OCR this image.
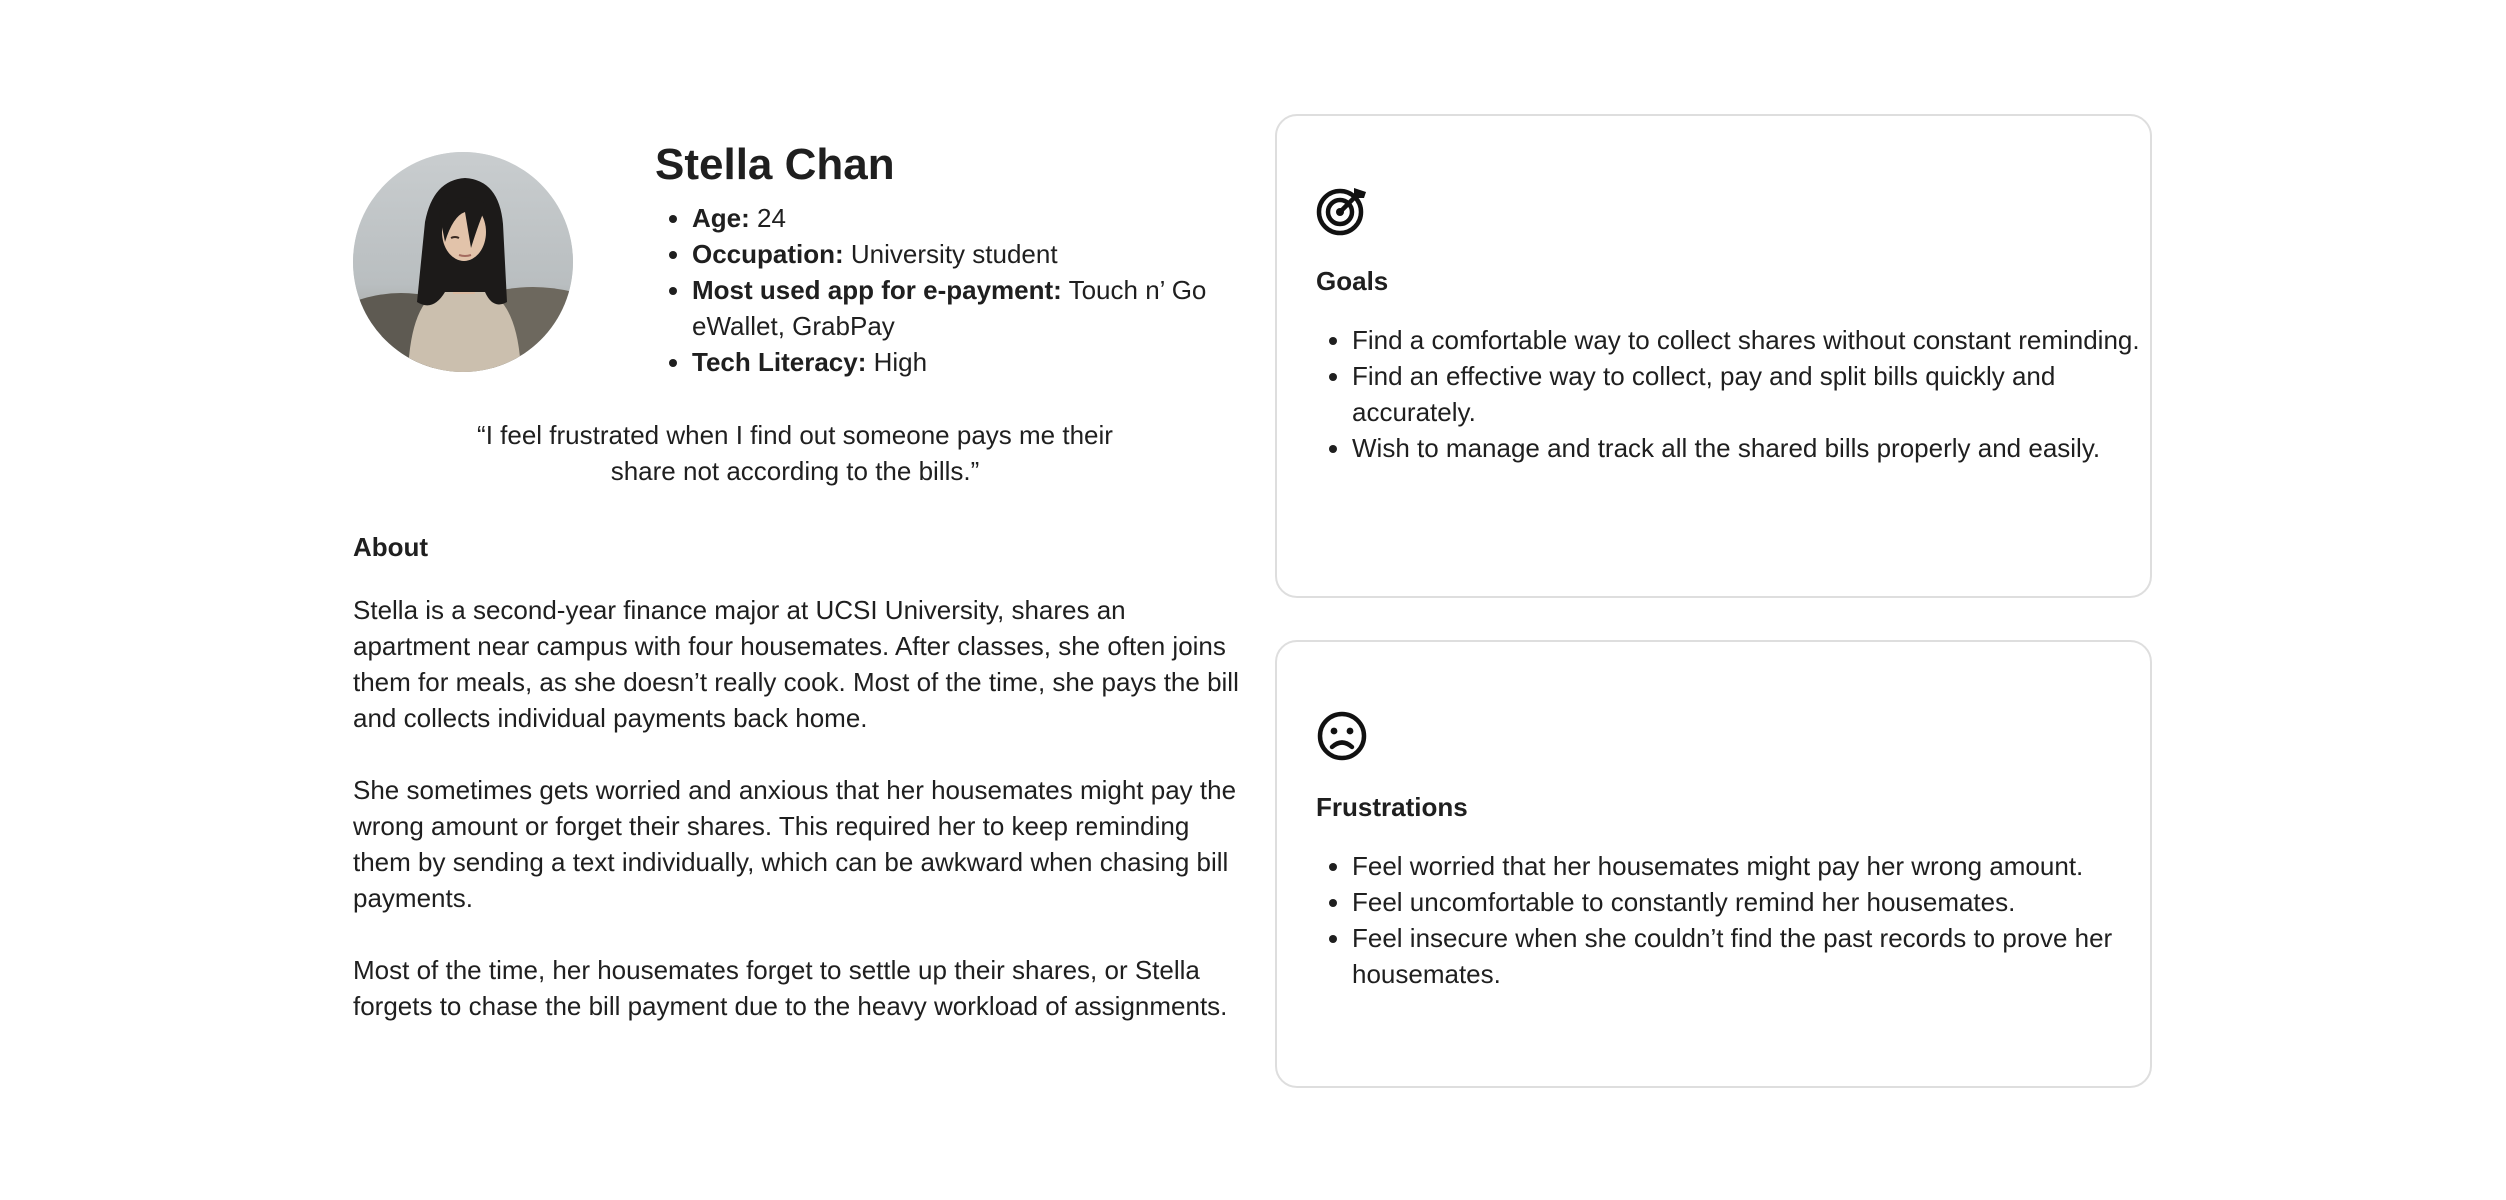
Stella Chan
• Age: 24
• Occupation: University student
• Most used app for e-payment: Touch n’ Go eWallet, GrabPay
• Tech Literacy: High

“I feel frustrated when I find out someone pays me their share not according to the bills.”

About

Stella is a second-year finance major at UCSI University, shares an apartment near campus with four housemates. After classes, she often joins them for meals, as she doesn’t really cook. Most of the time, she pays the bill and collects individual payments back home.

She sometimes gets worried and anxious that her housemates might pay the wrong amount or forget their shares. This required her to keep reminding them by sending a text individually, which can be awkward when chasing bill payments.

Most of the time, her housemates forget to settle up their shares, or Stella forgets to chase the bill payment due to the heavy workload of assignments.

Goals
• Find a comfortable way to collect shares without constant reminding.
• Find an effective way to collect, pay and split bills quickly and accurately.
• Wish to manage and track all the shared bills properly and easily.
Frustrations
• Feel worried that her housemates might pay her wrong amount.
• Feel uncomfortable to constantly remind her housemates.
• Feel insecure when she couldn’t find the past records to prove her housemates.
